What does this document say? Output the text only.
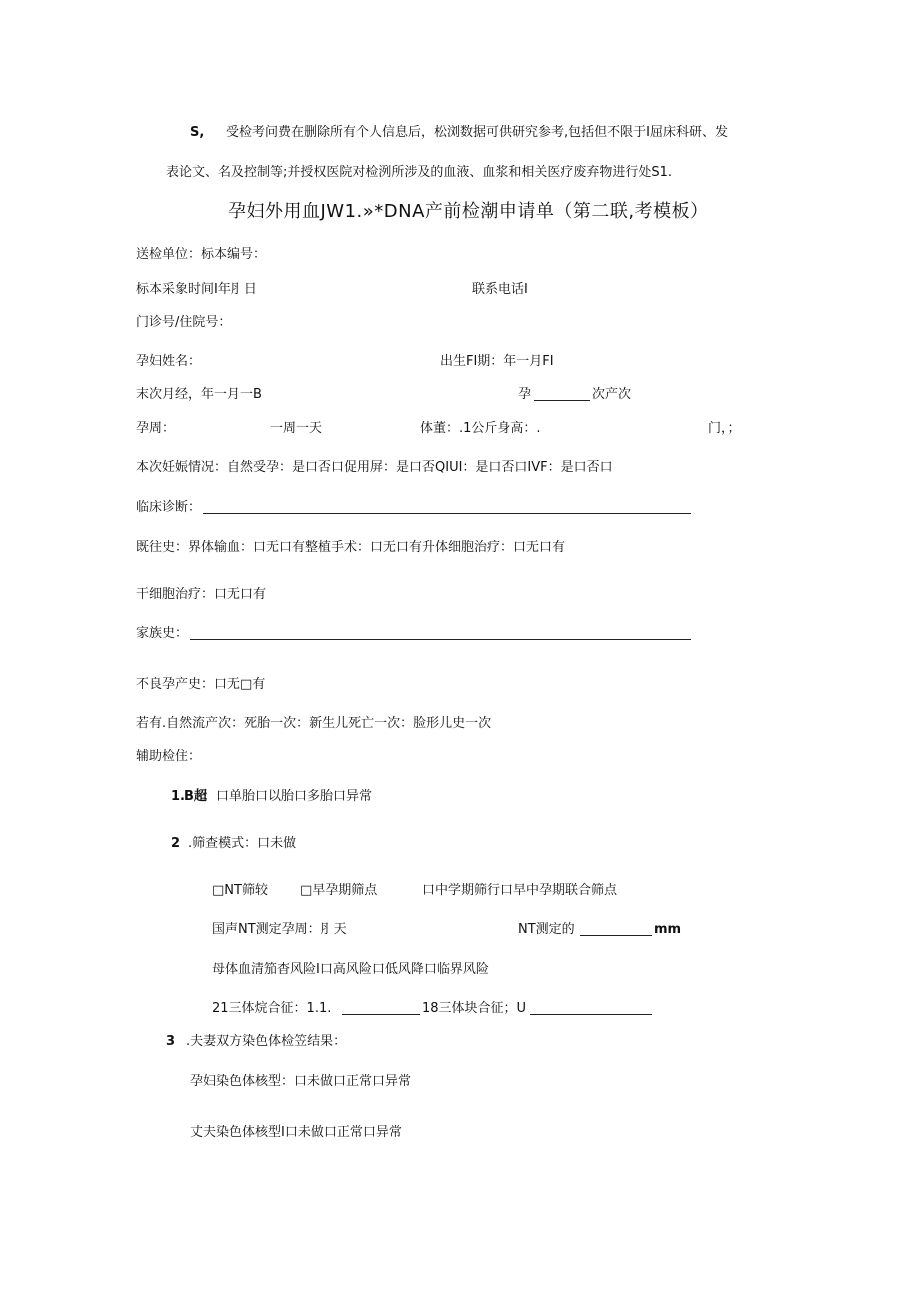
S, 受检考问费在删除所有个人信息后，松浏数据可供研究参考,包括但不限于I屈床科研、发
表论文、名及控制等;并授权医院对检洌所涉及的血液、血浆和相关医疗废弃物进行处S1.
孕妇外用血JW1.»*DNA产前检潮申请单（第二联,考模板）
送检单位：标本编号：
标本采象时间I年⺼日	联系电话I
门诊号/住院号：
孕妇姓名：	出生FI期：年一月FI
末次月经，年一月一B	孕	次产次
孕周：	一周一天	体董：.1公斤身高：.	门，；
本次妊娠情况：自然受孕：是口否口促用屏：是口否QIUI：是口否口IVF：是口否口
临床诊断：
既往史：界体输血：口无口有整植手术：口无口有升体细胞治疗：口无口有
干细胞治疗：口无口有
家族史：
不良孕产史：口无□有
若有.自然流产次：死胎一次：新生儿死亡一次：脸形儿史一次
辅助检住：
1. B超
：口单胎口以胎口多胎口异常
2 .筛查模式：口未做
□NT筛较 □早孕期筛点	口中学期筛行口早中孕期联合筛点
国声NT测定孕周：⺼天	NT测定的	mm
母体血清笳杳风险I口高风险口低风降口临界风险
21三体烷合征：1.1.	18三体块合征；U
3 .夫妻双方染色体检笠结果：
孕妇染色体核型：口未做口正常口异常
丈夫染色体核型I口未做口正常口异常
